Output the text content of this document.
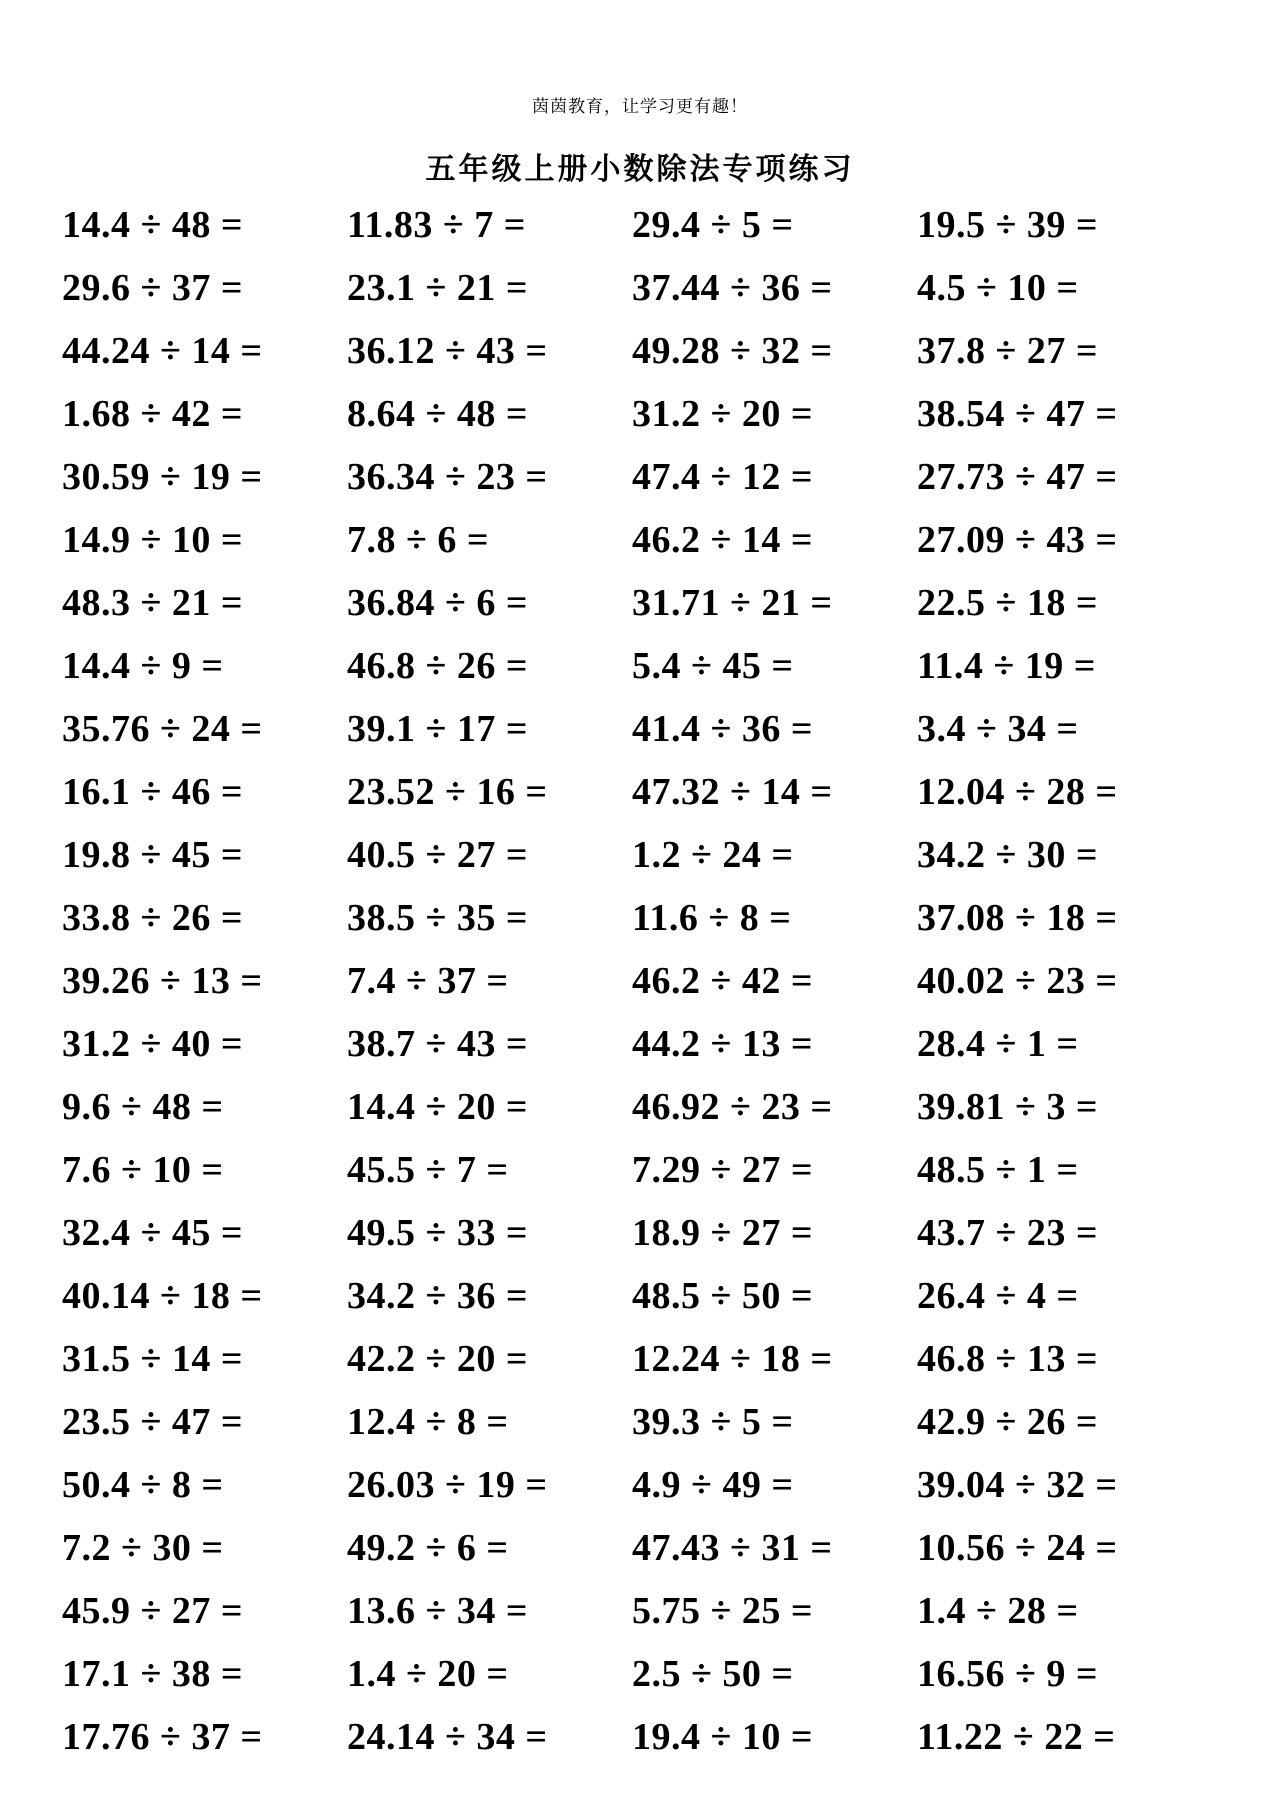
茵茵教育，让学习更有趣！
五年级上册小数除法专项练习
14.4 ÷ 48 =	11.83 ÷ 7 =	29.4 ÷ 5 =	19.5 ÷ 39 =
29.6 ÷ 37 =	23.1 ÷ 21 =	37.44 ÷ 36 =	4.5 ÷ 10 =
44.24 ÷ 14 =	36.12 ÷ 43 =	49.28 ÷ 32 =	37.8 ÷ 27 =
1.68 ÷ 42 =	8.64 ÷ 48 =	31.2 ÷ 20 =	38.54 ÷ 47 =
30.59 ÷ 19 =	36.34 ÷ 23 =	47.4 ÷ 12 =	27.73 ÷ 47 =
14.9 ÷ 10 =	7.8 ÷ 6 =	46.2 ÷ 14 =	27.09 ÷ 43 =
48.3 ÷ 21 =	36.84 ÷ 6 =	31.71 ÷ 21 =	22.5 ÷ 18 =
14.4 ÷ 9 =	46.8 ÷ 26 =	5.4 ÷ 45 =	11.4 ÷ 19 =
35.76 ÷ 24 =	39.1 ÷ 17 =	41.4 ÷ 36 =	3.4 ÷ 34 =
16.1 ÷ 46 =	23.52 ÷ 16 =	47.32 ÷ 14 =	12.04 ÷ 28 =
19.8 ÷ 45 =	40.5 ÷ 27 =	1.2 ÷ 24 =	34.2 ÷ 30 =
33.8 ÷ 26 =	38.5 ÷ 35 =	11.6 ÷ 8 =	37.08 ÷ 18 =
39.26 ÷ 13 =	7.4 ÷ 37 =	46.2 ÷ 42 =	40.02 ÷ 23 =
31.2 ÷ 40 =	38.7 ÷ 43 =	44.2 ÷ 13 =	28.4 ÷ 1 =
9.6 ÷ 48 =	14.4 ÷ 20 =	46.92 ÷ 23 =	39.81 ÷ 3 =
7.6 ÷ 10 =	45.5 ÷ 7 =	7.29 ÷ 27 =	48.5 ÷ 1 =
32.4 ÷ 45 =	49.5 ÷ 33 =	18.9 ÷ 27 =	43.7 ÷ 23 =
40.14 ÷ 18 =	34.2 ÷ 36 =	48.5 ÷ 50 =	26.4 ÷ 4 =
31.5 ÷ 14 =	42.2 ÷ 20 =	12.24 ÷ 18 =	46.8 ÷ 13 =
23.5 ÷ 47 =	12.4 ÷ 8 =	39.3 ÷ 5 =	42.9 ÷ 26 =
50.4 ÷ 8 =	26.03 ÷ 19 =	4.9 ÷ 49 =	39.04 ÷ 32 =
7.2 ÷ 30 =	49.2 ÷ 6 =	47.43 ÷ 31 =	10.56 ÷ 24 =
45.9 ÷ 27 =	13.6 ÷ 34 =	5.75 ÷ 25 =	1.4 ÷ 28 =
17.1 ÷ 38 =	1.4 ÷ 20 =	2.5 ÷ 50 =	16.56 ÷ 9 =
17.76 ÷ 37 =	24.14 ÷ 34 =	19.4 ÷ 10 =	11.22 ÷ 22 =
